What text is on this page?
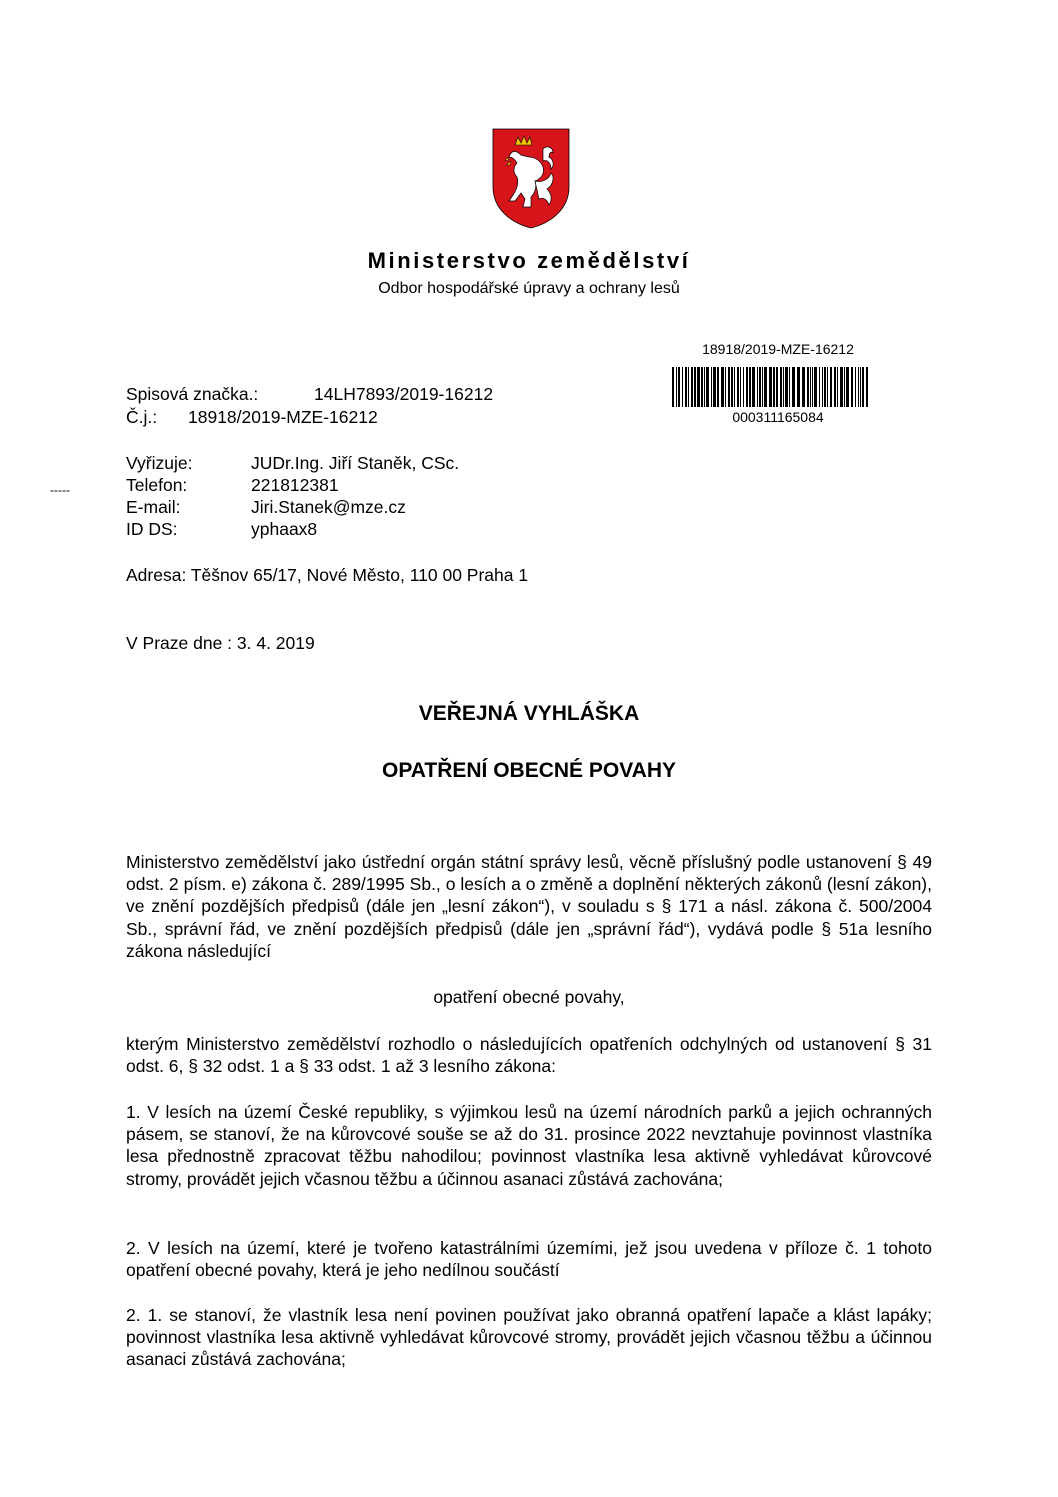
Ministerstvo zemědělství
Odbor hospodářské úpravy a ochrany lesů
18918/2019-MZE-16212
000311165084
Spisová značka.:	14LH7893/2019-16212
Č.j.: 18918/2019-MZE-16212
Vyřizuje:	JUDr.Ing. Jiří Staněk, CSc.
Telefon:	221812381
-----
E-mail:	Jiri.Stanek@mze.cz
ID DS:	yphaax8
Adresa: Těšnov 65/17, Nové Město, 110 00 Praha 1
V Praze dne : 3. 4. 2019
VEŘEJNÁ VYHLÁŠKA
OPATŘENÍ OBECNÉ POVAHY

Ministerstvo zemědělství jako ústřední orgán státní správy lesů, věcně příslušný podle ustanovení § 49 odst. 2 písm. e) zákona č. 289/1995 Sb., o lesích a o změně a doplnění některých zákonů (lesní zákon), ve znění pozdějších předpisů (dále jen „lesní zákon“), v souladu s § 171 a násl. zákona č. 500/2004 Sb., správní řád, ve znění pozdějších předpisů (dále jen „správní řád“), vydává podle § 51a lesního zákona následující

opatření obecné povahy,

kterým Ministerstvo zemědělství rozhodlo o následujících opatřeních odchylných od ustanovení § 31 odst. 6, § 32 odst. 1 a § 33 odst. 1 až 3 lesního zákona:

1. V lesích na území České republiky, s výjimkou lesů na území národních parků a jejich ochranných pásem, se stanoví, že na kůrovcové souše se až do 31. prosince 2022 nevztahuje povinnost vlastníka lesa přednostně zpracovat těžbu nahodilou; povinnost vlastníka lesa aktivně vyhledávat kůrovcové stromy, provádět jejich včasnou těžbu a účinnou asanaci zůstává zachována;

2. V lesích na území, které je tvořeno katastrálními územími, jež jsou uvedena v příloze č. 1 tohoto opatření obecné povahy, která je jeho nedílnou součástí

2. 1. se stanoví, že vlastník lesa není povinen používat jako obranná opatření lapače a klást lapáky; povinnost vlastníka lesa aktivně vyhledávat kůrovcové stromy, provádět jejich včasnou těžbu a účinnou asanaci zůstává zachována;
